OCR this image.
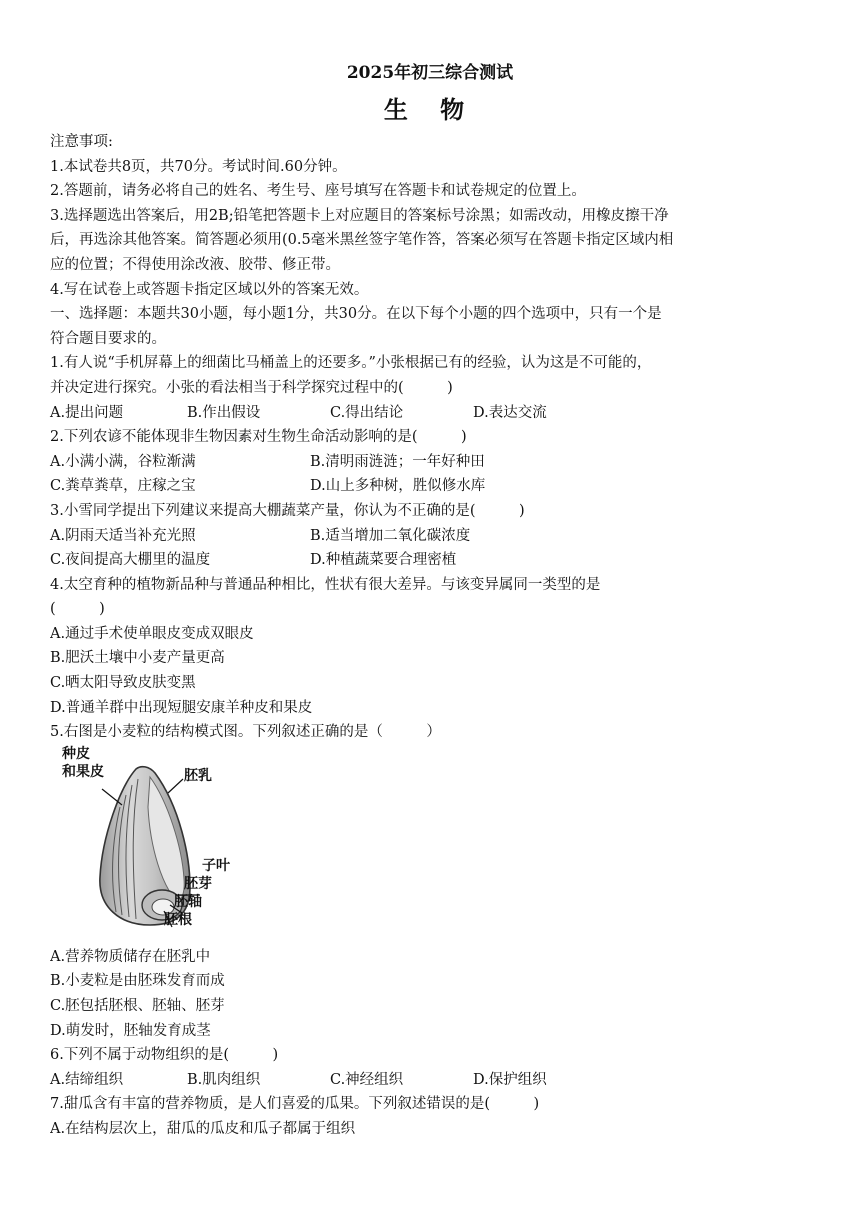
2025年初三综合测试
生 物
注意事项:
1.本试卷共8页，共70分。考试时间.60分钟。
2.答题前，请务必将自己的姓名、考生号、座号填写在答题卡和试卷规定的位置上。
3.选择题选出答案后，用2B;铅笔把答题卡上对应题目的答案标号涂黑；如需改动，用橡皮擦干净
后，再选涂其他答案。简答题必须用(0.5毫米黑丝签字笔作答，答案必须写在答题卡指定区域内相
应的位置；不得使用涂改液、胶带、修正带。
4.写在试卷上或答题卡指定区域以外的答案无效。
一、选择题：本题共30小题，每小题1分，共30分。在以下每个小题的四个选项中，只有一个是
符合题目要求的。
1.有人说“手机屏幕上的细菌比马桶盖上的还要多。”小张根据已有的经验，认为这是不可能的，
并决定进行探究。小张的看法相当于科学探究过程中的(　　　)
A.提出问题	B.作出假设	C.得出结论	D.表达交流
2.下列农谚不能体现非生物因素对生物生命活动影响的是(　　　)
A.小满小满，谷粒渐满	B.清明雨涟涟；一年好种田
C.粪草粪草，庄稼之宝	D.山上多种树，胜似修水库
3.小雪同学提出下列建议来提高大棚蔬菜产量，你认为不正确的是(　　　)
A.阴雨天适当补充光照	B.适当增加二氧化碳浓度
C.夜间提高大棚里的温度	D.种植蔬菜要合理密植
4.太空育种的植物新品种与普通品种相比，性状有很大差异。与该变异属同一类型的是
(　　　)
A.通过手术使单眼皮变成双眼皮
B.肥沃土壤中小麦产量更高
C.晒太阳导致皮肤变黑
D.普通羊群中出现短腿安康羊种皮和果皮
5.右图是小麦粒的结构模式图。下列叙述正确的是（　　　）
种皮
和果皮	胚乳
子叶
胚芽
胚轴
胚根
A.营养物质储存在胚乳中
B.小麦粒是由胚珠发育而成
C.胚包括胚根、胚轴、胚芽
D.萌发时，胚轴发育成茎
6.下列不属于动物组织的是(　　　)
A.结缔组织	B.肌肉组织	C.神经组织	D.保护组织
7.甜瓜含有丰富的营养物质，是人们喜爱的瓜果。下列叙述错误的是(　　　)
A.在结构层次上，甜瓜的瓜皮和瓜子都属于组织
